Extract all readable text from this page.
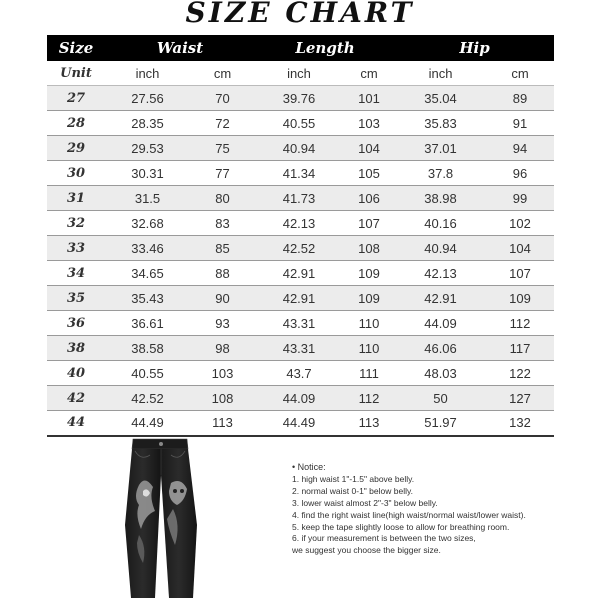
SIZE CHART
Size	Waist		Length		Hip	
Unit	inch	cm	inch	cm	inch	cm
27	27.56	70	39.76	101	35.04	89
28	28.35	72	40.55	103	35.83	91
29	29.53	75	40.94	104	37.01	94
30	30.31	77	41.34	105	37.8	96
31	31.5	80	41.73	106	38.98	99
32	32.68	83	42.13	107	40.16	102
33	33.46	85	42.52	108	40.94	104
34	34.65	88	42.91	109	42.13	107
35	35.43	90	42.91	109	42.91	109
36	36.61	93	43.31	110	44.09	112
38	38.58	98	43.31	110	46.06	117
40	40.55	103	43.7	111	48.03	122
42	42.52	108	44.09	112	50	127
44	44.49	113	44.49	113	51.97	132
• Notice:
1. high waist 1"-1.5" above belly.
2. normal waist 0-1" below belly.
3. lower waist almost 2"-3" below belly.
4. find the right waist line(high waist/normal waist/lower waist).
5. keep the tape slightly loose to allow for breathing room.
6. if your measurement is between the two sizes,
we suggest you choose the bigger size.
